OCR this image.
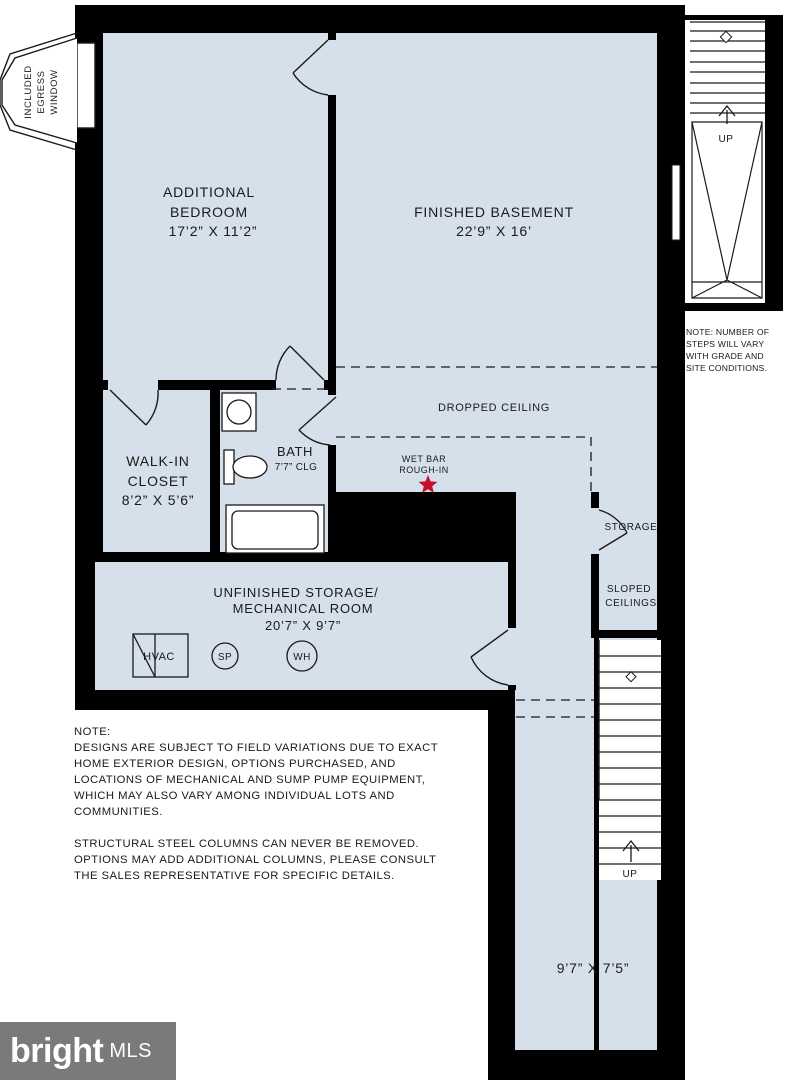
INCLUDED EGRESS WINDOW
ADDITIONAL
BEDROOM
17’2” X 11’2”
FINISHED BASEMENT
22’9” X 16’
WALK-IN
CLOSET
8’2” X 5’6”
UNFINISHED STORAGE/
MECHANICAL ROOM
20’7” X 9’7”
9’7” X 7’5”
BATH
7’7” CLG
DROPPED CEILING
WET BAR
ROUGH-IN
STORAGE
SLOPED
CEILINGS
HVAC	SP	WH
UP
UP
NOTE: NUMBER OF
STEPS WILL VARY
WITH GRADE AND
SITE CONDITIONS.

NOTE:

DESIGNS ARE SUBJECT TO FIELD VARIATIONS DUE TO EXACT

HOME EXTERIOR DESIGN, OPTIONS PURCHASED, AND

LOCATIONS OF MECHANICAL AND SUMP PUMP EQUIPMENT,

WHICH MAY ALSO VARY AMONG INDIVIDUAL LOTS AND

COMMUNITIES.

STRUCTURAL STEEL COLUMNS CAN NEVER BE REMOVED.

OPTIONS MAY ADD ADDITIONAL COLUMNS, PLEASE CONSULT

THE SALES REPRESENTATIVE FOR SPECIFIC DETAILS.

bright MLS
